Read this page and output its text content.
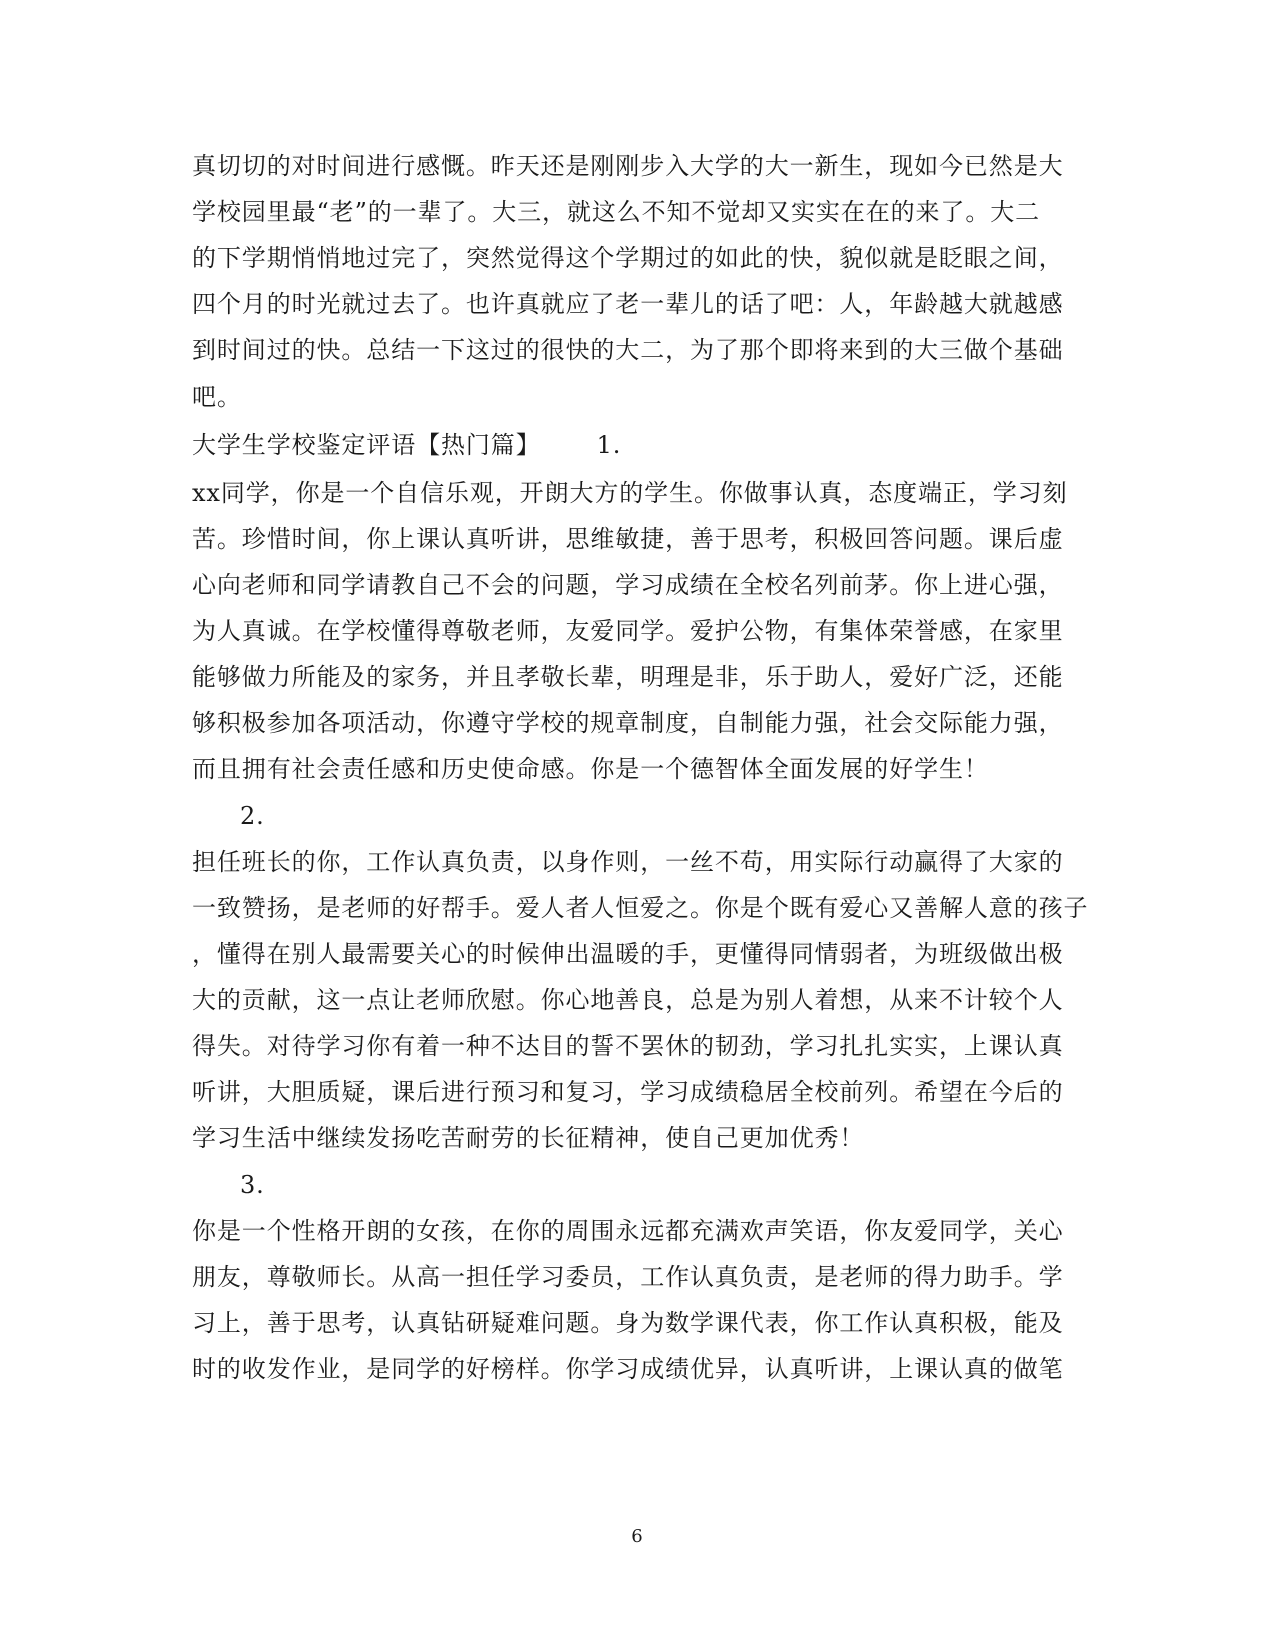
真切切的对时间进行感慨。昨天还是刚刚步入大学的大一新生，现如今已然是大
学校园里最“老”的一辈了。大三，就这么不知不觉却又实实在在的来了。大二
的下学期悄悄地过完了，突然觉得这个学期过的如此的快，貌似就是眨眼之间，
四个月的时光就过去了。也许真就应了老一辈儿的话了吧：人，年龄越大就越感
到时间过的快。总结一下这过的很快的大二，为了那个即将来到的大三做个基础
吧。
大学生学校鉴定评语【热门篇】 1.
xx同学，你是一个自信乐观，开朗大方的学生。你做事认真，态度端正，学习刻
苦。珍惜时间，你上课认真听讲，思维敏捷，善于思考，积极回答问题。课后虚
心向老师和同学请教自己不会的问题，学习成绩在全校名列前茅。你上进心强，
为人真诚。在学校懂得尊敬老师，友爱同学。爱护公物，有集体荣誉感，在家里
能够做力所能及的家务，并且孝敬长辈，明理是非，乐于助人，爱好广泛，还能
够积极参加各项活动，你遵守学校的规章制度，自制能力强，社会交际能力强，
而且拥有社会责任感和历史使命感。你是一个德智体全面发展的好学生！
2.
担任班长的你，工作认真负责，以身作则，一丝不苟，用实际行动赢得了大家的
一致赞扬，是老师的好帮手。爱人者人恒爱之。你是个既有爱心又善解人意的孩子
，懂得在别人最需要关心的时候伸出温暖的手，更懂得同情弱者，为班级做出极
大的贡献，这一点让老师欣慰。你心地善良，总是为别人着想，从来不计较个人
得失。对待学习你有着一种不达目的誓不罢休的韧劲，学习扎扎实实，上课认真
听讲，大胆质疑，课后进行预习和复习，学习成绩稳居全校前列。希望在今后的
学习生活中继续发扬吃苦耐劳的长征精神，使自己更加优秀！
3.
你是一个性格开朗的女孩，在你的周围永远都充满欢声笑语，你友爱同学，关心
朋友，尊敬师长。从高一担任学习委员，工作认真负责，是老师的得力助手。学
习上，善于思考，认真钻研疑难问题。身为数学课代表，你工作认真积极，能及
时的收发作业，是同学的好榜样。你学习成绩优异，认真听讲，上课认真的做笔
6
